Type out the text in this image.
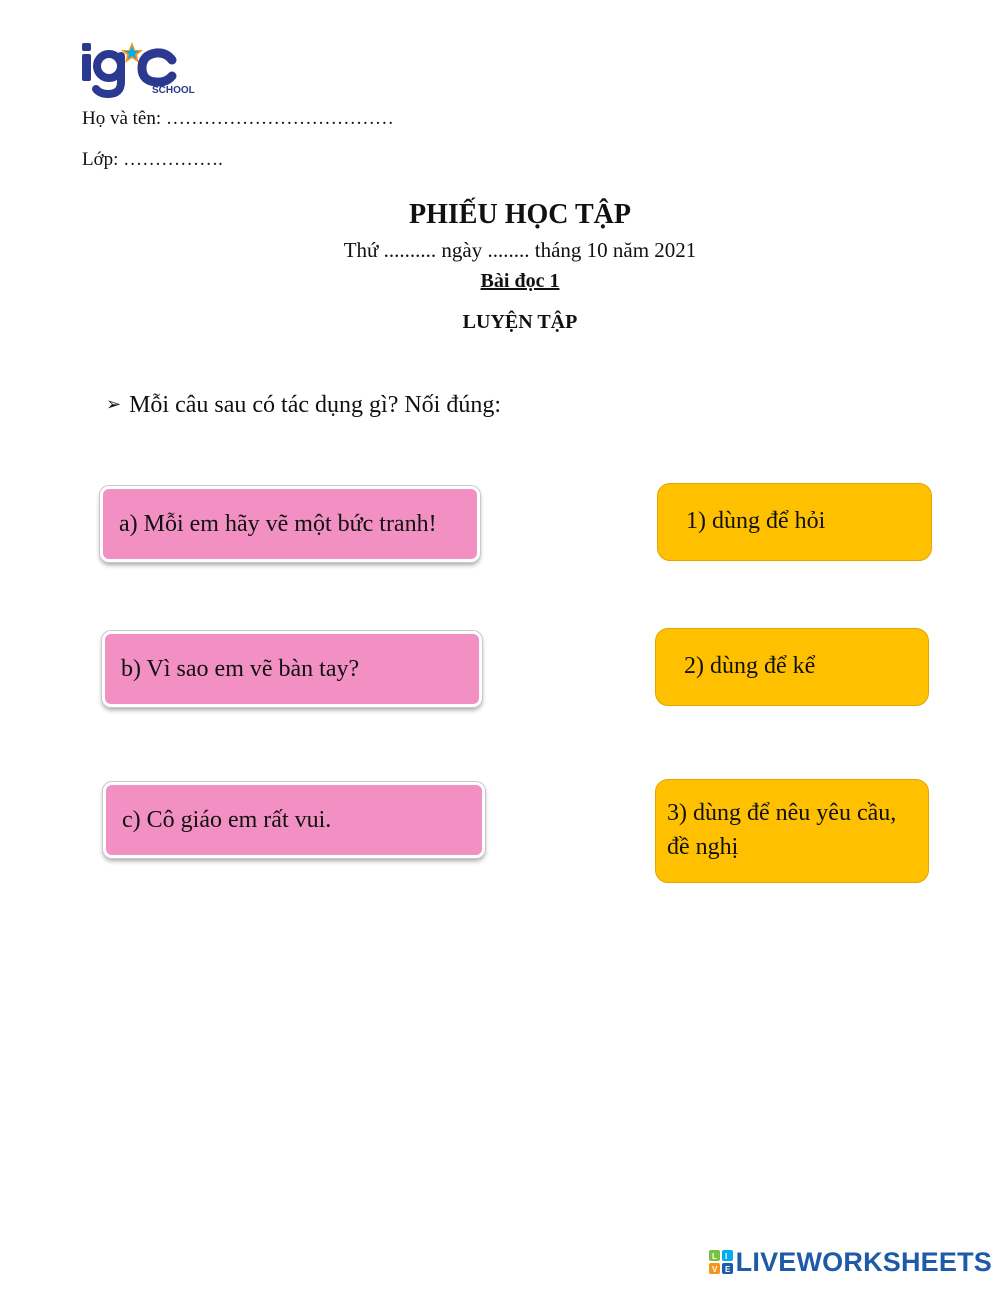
SCHOOL
Họ và tên: ………………………………
Lớp: …………….
PHIẾU HỌC TẬP
Thứ .......... ngày ........ tháng 10 năm 2021
Bài đọc 1
LUYỆN TẬP
➢ Mỗi câu sau có tác dụng gì? Nối đúng:
a) Mỗi em hãy vẽ một bức tranh!
b) Vì sao em vẽ bàn tay?
c) Cô giáo em rất vui.
1) dùng để hỏi
2) dùng để kể
3) dùng để nêu yêu cầu,
đề nghị
L I
V E LIVEWORKSHEETS
